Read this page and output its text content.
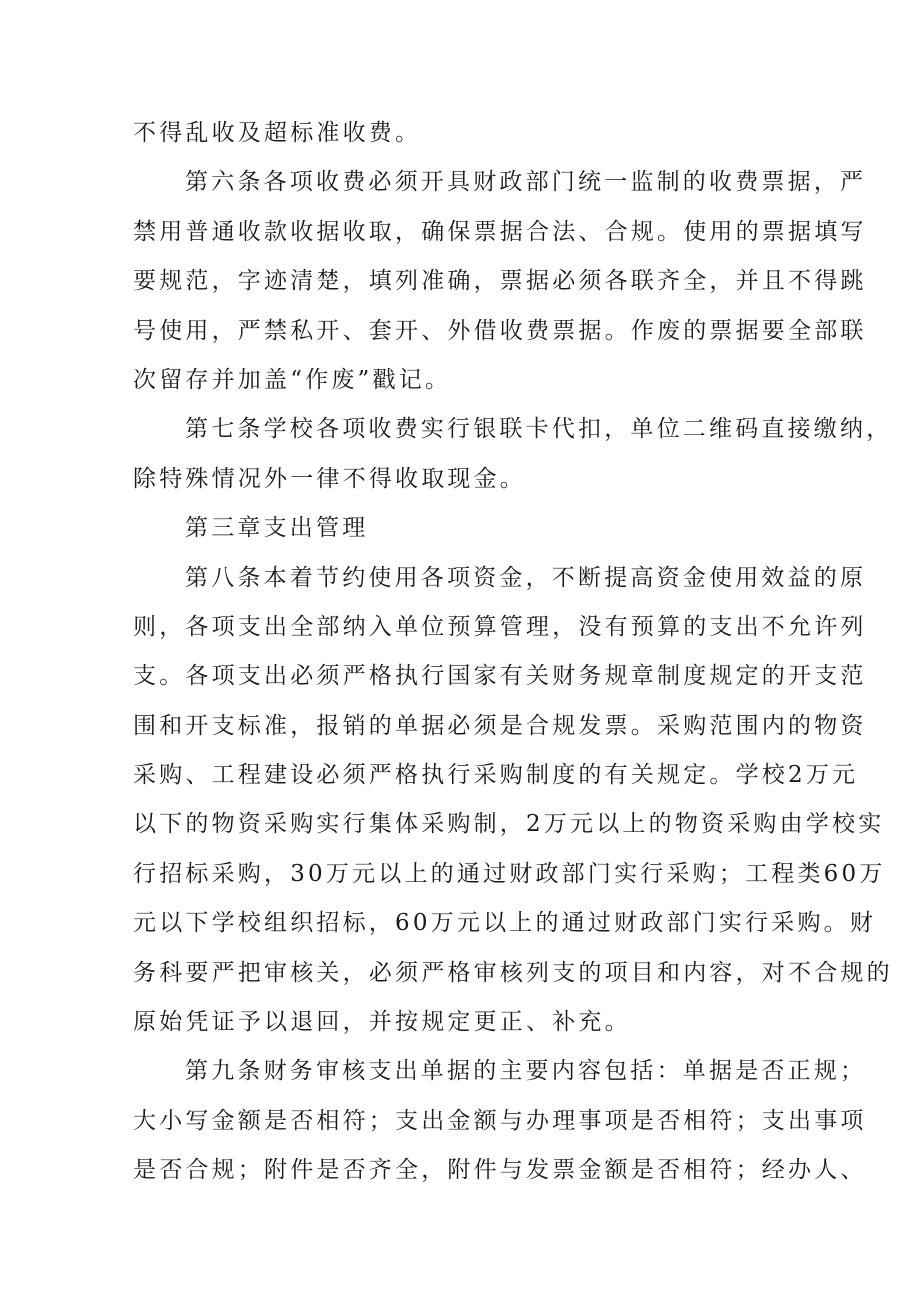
不得乱收及超标准收费。
第六条各项收费必须开具财政部门统一监制的收费票据，严
禁用普通收款收据收取，确保票据合法、合规。使用的票据填写
要规范，字迹清楚，填列准确，票据必须各联齐全，并且不得跳
号使用，严禁私开、套开、外借收费票据。作废的票据要全部联
次留存并加盖“作废”戳记。
第七条学校各项收费实行银联卡代扣，单位二维码直接缴纳，
除特殊情况外一律不得收取现金。
第三章支出管理
第八条本着节约使用各项资金，不断提高资金使用效益的原
则，各项支出全部纳入单位预算管理，没有预算的支出不允许列
支。各项支出必须严格执行国家有关财务规章制度规定的开支范
围和开支标准，报销的单据必须是合规发票。采购范围内的物资
采购、工程建设必须严格执行采购制度的有关规定。学校2万元
以下的物资采购实行集体采购制，2万元以上的物资采购由学校实
行招标采购，30万元以上的通过财政部门实行采购；工程类60万
元以下学校组织招标，60万元以上的通过财政部门实行采购。财
务科要严把审核关，必须严格审核列支的项目和内容，对不合规的
原始凭证予以退回，并按规定更正、补充。
第九条财务审核支出单据的主要内容包括：单据是否正规；
大小写金额是否相符；支出金额与办理事项是否相符；支出事项
是否合规；附件是否齐全，附件与发票金额是否相符；经办人、
